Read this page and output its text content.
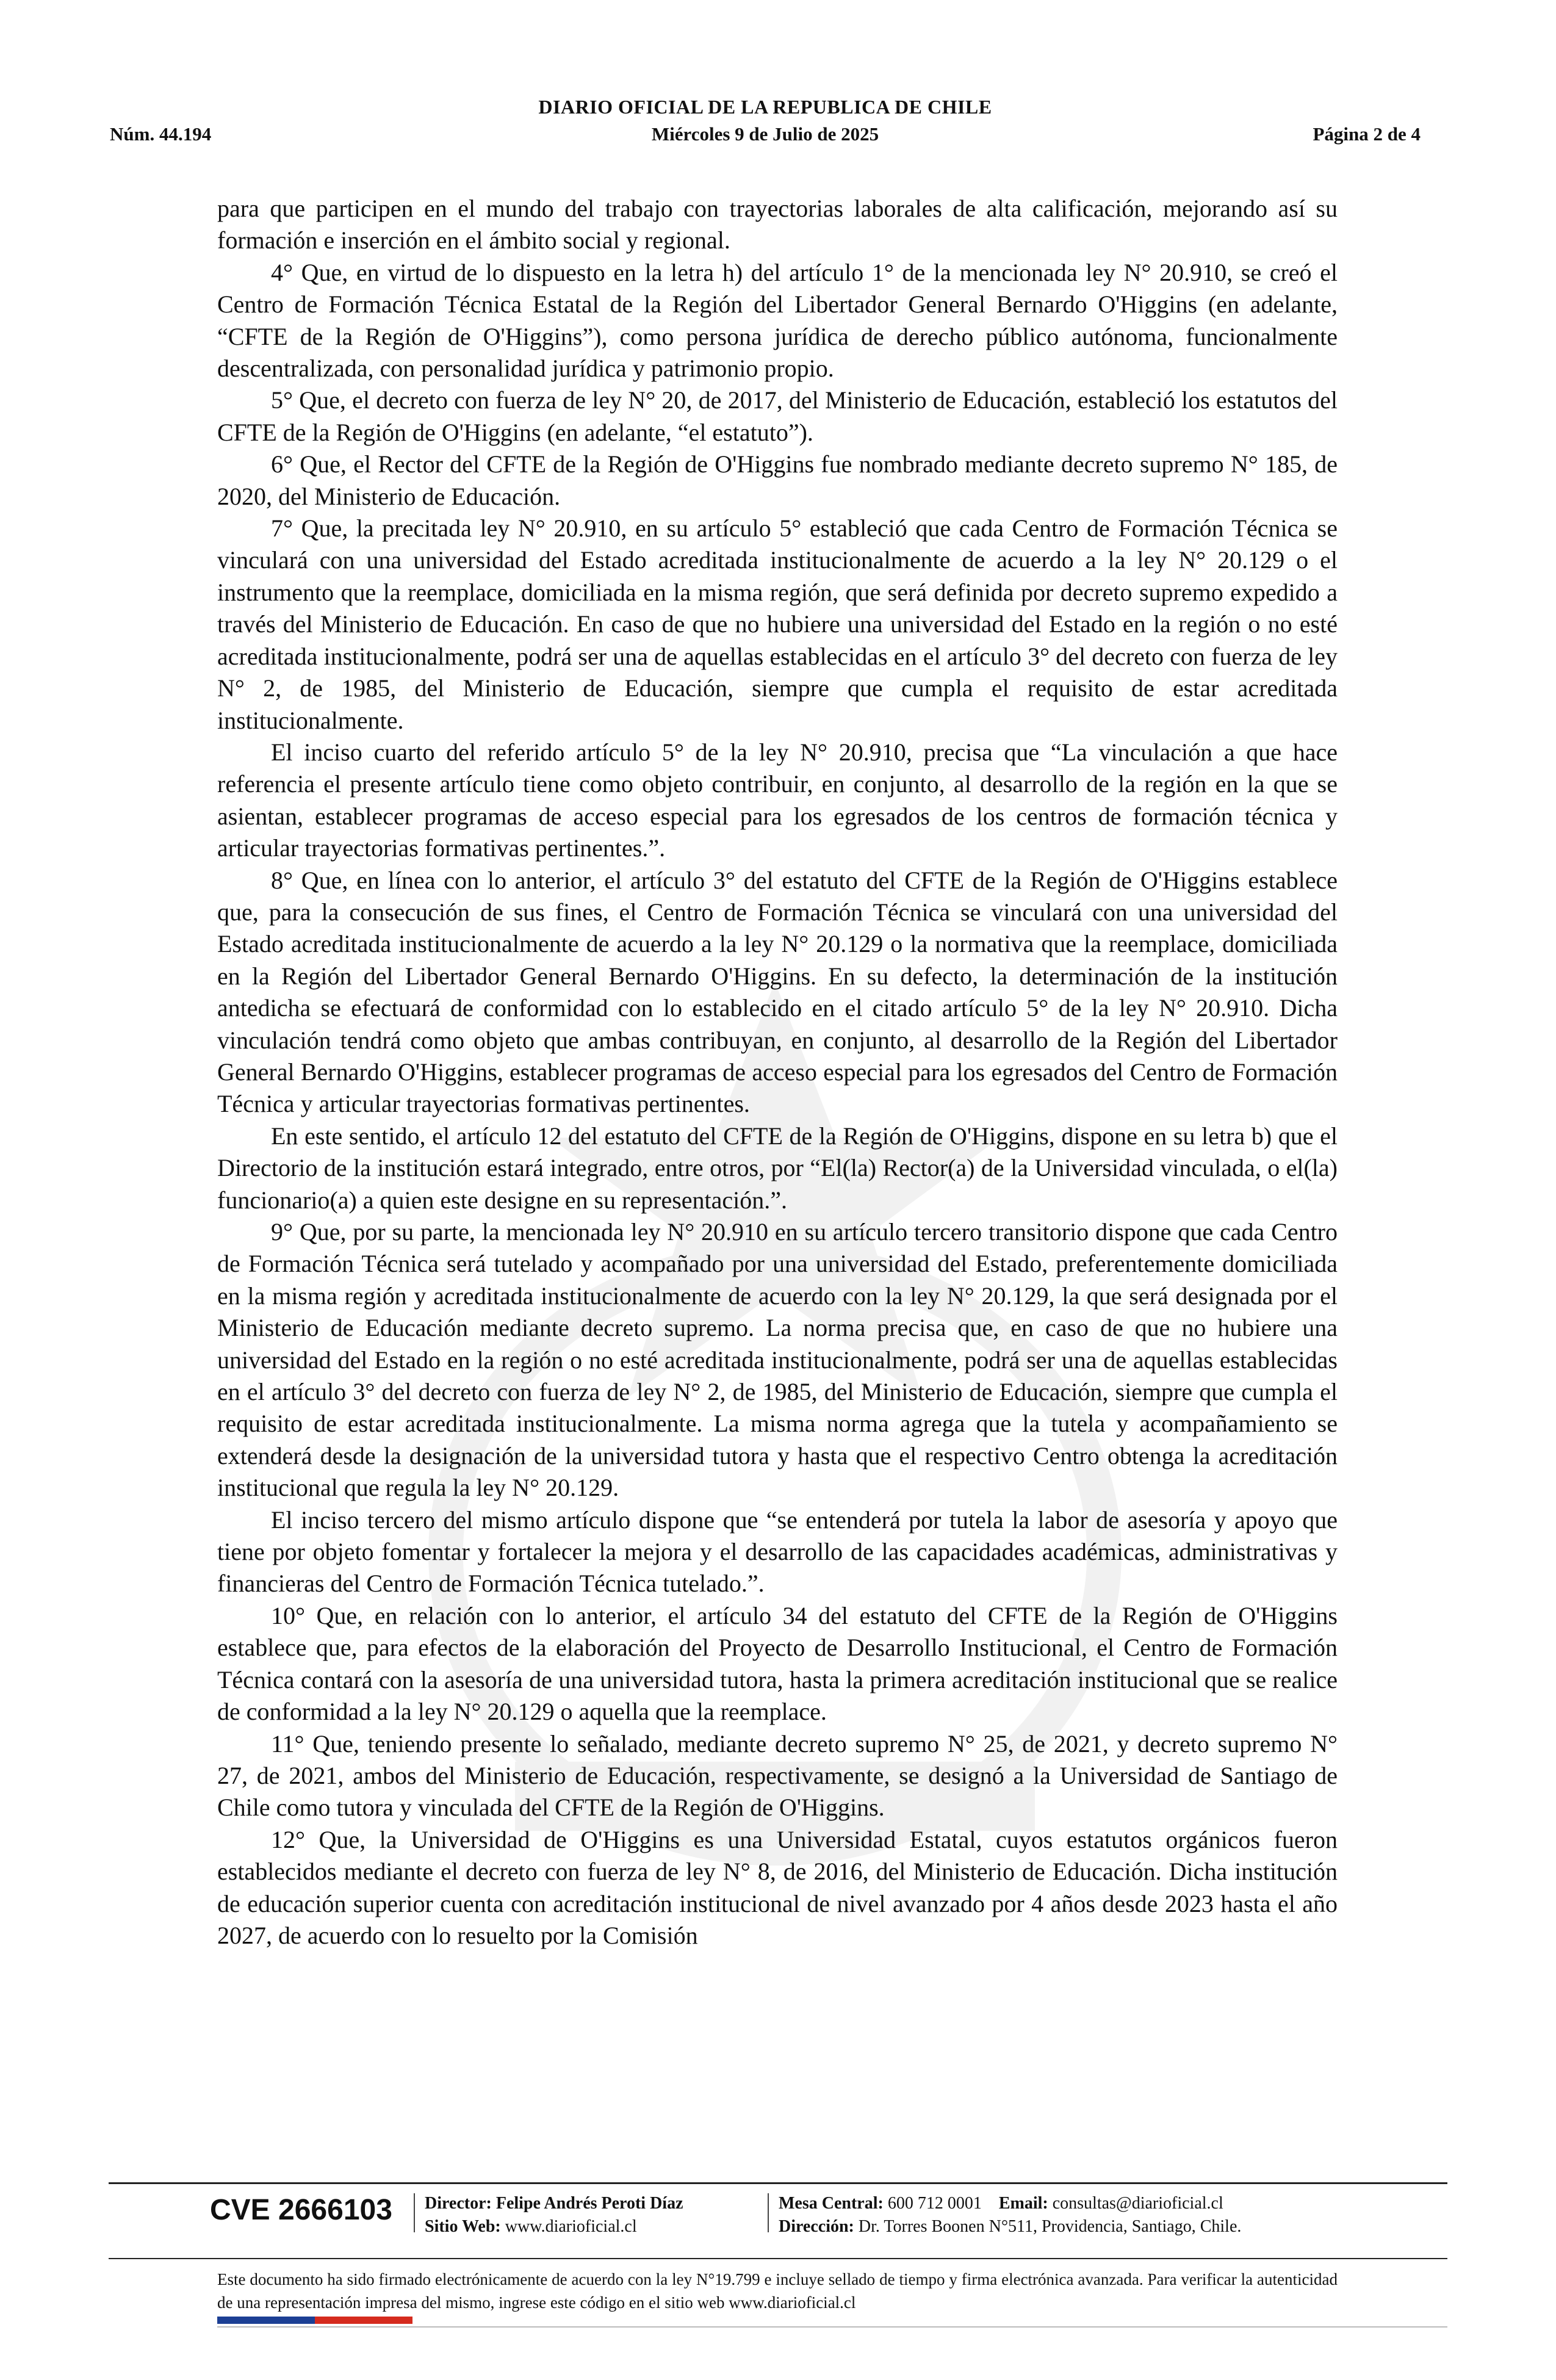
DIARIO OFICIAL DE LA REPUBLICA DE CHILE
Núm. 44.194	Miércoles 9 de Julio de 2025	Página 2 de 4

para que participen en el mundo del trabajo con trayectorias laborales de alta calificación, mejorando así su formación e inserción en el ámbito social y regional.

4° Que, en virtud de lo dispuesto en la letra h) del artículo 1° de la mencionada ley N° 20.910, se creó el Centro de Formación Técnica Estatal de la Región del Libertador General Bernardo O'Higgins (en adelante, “CFTE de la Región de O'Higgins”), como persona jurídica de derecho público autónoma, funcionalmente descentralizada, con personalidad jurídica y patrimonio propio.

5° Que, el decreto con fuerza de ley N° 20, de 2017, del Ministerio de Educación, estableció los estatutos del CFTE de la Región de O'Higgins (en adelante, “el estatuto”).

6° Que, el Rector del CFTE de la Región de O'Higgins fue nombrado mediante decreto supremo N° 185, de 2020, del Ministerio de Educación.

7° Que, la precitada ley N° 20.910, en su artículo 5° estableció que cada Centro de Formación Técnica se vinculará con una universidad del Estado acreditada institucionalmente de acuerdo a la ley N° 20.129 o el instrumento que la reemplace, domiciliada en la misma región, que será definida por decreto supremo expedido a través del Ministerio de Educación. En caso de que no hubiere una universidad del Estado en la región o no esté acreditada institucionalmente, podrá ser una de aquellas establecidas en el artículo 3° del decreto con fuerza de ley N° 2, de 1985, del Ministerio de Educación, siempre que cumpla el requisito de estar acreditada institucionalmente.

El inciso cuarto del referido artículo 5° de la ley N° 20.910, precisa que “La vinculación a que hace referencia el presente artículo tiene como objeto contribuir, en conjunto, al desarrollo de la región en la que se asientan, establecer programas de acceso especial para los egresados de los centros de formación técnica y articular trayectorias formativas pertinentes.”.

8° Que, en línea con lo anterior, el artículo 3° del estatuto del CFTE de la Región de O'Higgins establece que, para la consecución de sus fines, el Centro de Formación Técnica se vinculará con una universidad del Estado acreditada institucionalmente de acuerdo a la ley N° 20.129 o la normativa que la reemplace, domiciliada en la Región del Libertador General Bernardo O'Higgins. En su defecto, la determinación de la institución antedicha se efectuará de conformidad con lo establecido en el citado artículo 5° de la ley N° 20.910. Dicha vinculación tendrá como objeto que ambas contribuyan, en conjunto, al desarrollo de la Región del Libertador General Bernardo O'Higgins, establecer programas de acceso especial para los egresados del Centro de Formación Técnica y articular trayectorias formativas pertinentes.

En este sentido, el artículo 12 del estatuto del CFTE de la Región de O'Higgins, dispone en su letra b) que el Directorio de la institución estará integrado, entre otros, por “El(la) Rector(a) de la Universidad vinculada, o el(la) funcionario(a) a quien este designe en su representación.”.

9° Que, por su parte, la mencionada ley N° 20.910 en su artículo tercero transitorio dispone que cada Centro de Formación Técnica será tutelado y acompañado por una universidad del Estado, preferentemente domiciliada en la misma región y acreditada institucionalmente de acuerdo con la ley N° 20.129, la que será designada por el Ministerio de Educación mediante decreto supremo. La norma precisa que, en caso de que no hubiere una universidad del Estado en la región o no esté acreditada institucionalmente, podrá ser una de aquellas establecidas en el artículo 3° del decreto con fuerza de ley N° 2, de 1985, del Ministerio de Educación, siempre que cumpla el requisito de estar acreditada institucionalmente. La misma norma agrega que la tutela y acompañamiento se extenderá desde la designación de la universidad tutora y hasta que el respectivo Centro obtenga la acreditación institucional que regula la ley N° 20.129.

El inciso tercero del mismo artículo dispone que “se entenderá por tutela la labor de asesoría y apoyo que tiene por objeto fomentar y fortalecer la mejora y el desarrollo de las capacidades académicas, administrativas y financieras del Centro de Formación Técnica tutelado.”.

10° Que, en relación con lo anterior, el artículo 34 del estatuto del CFTE de la Región de O'Higgins establece que, para efectos de la elaboración del Proyecto de Desarrollo Institucional, el Centro de Formación Técnica contará con la asesoría de una universidad tutora, hasta la primera acreditación institucional que se realice de conformidad a la ley N° 20.129 o aquella que la reemplace.

11° Que, teniendo presente lo señalado, mediante decreto supremo N° 25, de 2021, y decreto supremo N° 27, de 2021, ambos del Ministerio de Educación, respectivamente, se designó a la Universidad de Santiago de Chile como tutora y vinculada del CFTE de la Región de O'Higgins.

12° Que, la Universidad de O'Higgins es una Universidad Estatal, cuyos estatutos orgánicos fueron establecidos mediante el decreto con fuerza de ley N° 8, de 2016, del Ministerio de Educación. Dicha institución de educación superior cuenta con acreditación institucional de nivel avanzado por 4 años desde 2023 hasta el año 2027, de acuerdo con lo resuelto por la Comisión

CVE 2666103 Director: Felipe Andrés Peroti Díaz
Sitio Web: www.diarioficial.cl
Mesa Central: 600 712 0001 Email: consultas@diarioficial.cl
Dirección: Dr. Torres Boonen N°511, Providencia, Santiago, Chile.
Este documento ha sido firmado electrónicamente de acuerdo con la ley N°19.799 e incluye sellado de tiempo y firma electrónica avanzada. Para verificar la autenticidad de una representación impresa del mismo, ingrese este código en el sitio web www.diarioficial.cl
